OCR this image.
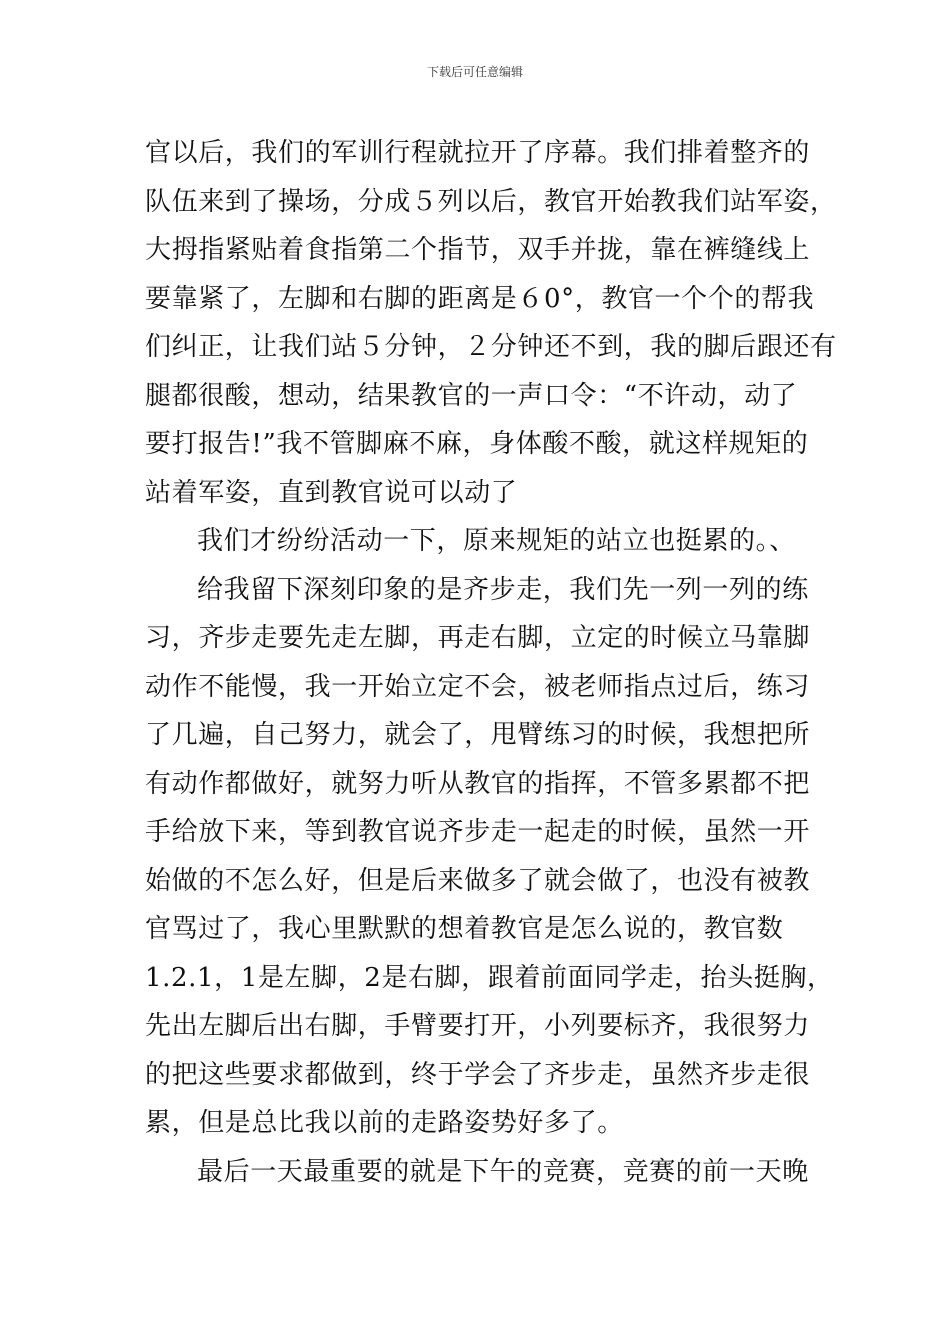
下载后可任意编辑
官以后，我们的军训行程就拉开了序幕。我们排着整齐的
队伍来到了操场，分成５列以后，教官开始教我们站军姿，
大拇指紧贴着食指第二个指节，双手并拢，靠在裤缝线上
要靠紧了，左脚和右脚的距离是６0°，教官一个个的帮我
们纠正，让我们站５分钟，２分钟还不到，我的脚后跟还有
腿都很酸，想动，结果教官的一声口令：“不许动，动了
要打报告!”我不管脚麻不麻，身体酸不酸，就这样规矩的
站着军姿，直到教官说可以动了
我们才纷纷活动一下，原来规矩的站立也挺累的。、
给我留下深刻印象的是齐步走，我们先一列一列的练
习，齐步走要先走左脚，再走右脚，立定的时候立马靠脚
动作不能慢，我一开始立定不会，被老师指点过后，练习
了几遍，自己努力，就会了，甩臂练习的时候，我想把所
有动作都做好，就努力听从教官的指挥，不管多累都不把
手给放下来，等到教官说齐步走一起走的时候，虽然一开
始做的不怎么好，但是后来做多了就会做了，也没有被教
官骂过了，我心里默默的想着教官是怎么说的，教官数
1.2.1，1是左脚，2是右脚，跟着前面同学走，抬头挺胸，
先出左脚后出右脚，手臂要打开，小列要标齐，我很努力
的把这些要求都做到，终于学会了齐步走，虽然齐步走很
累，但是总比我以前的走路姿势好多了。
最后一天最重要的就是下午的竞赛，竞赛的前一天晚
